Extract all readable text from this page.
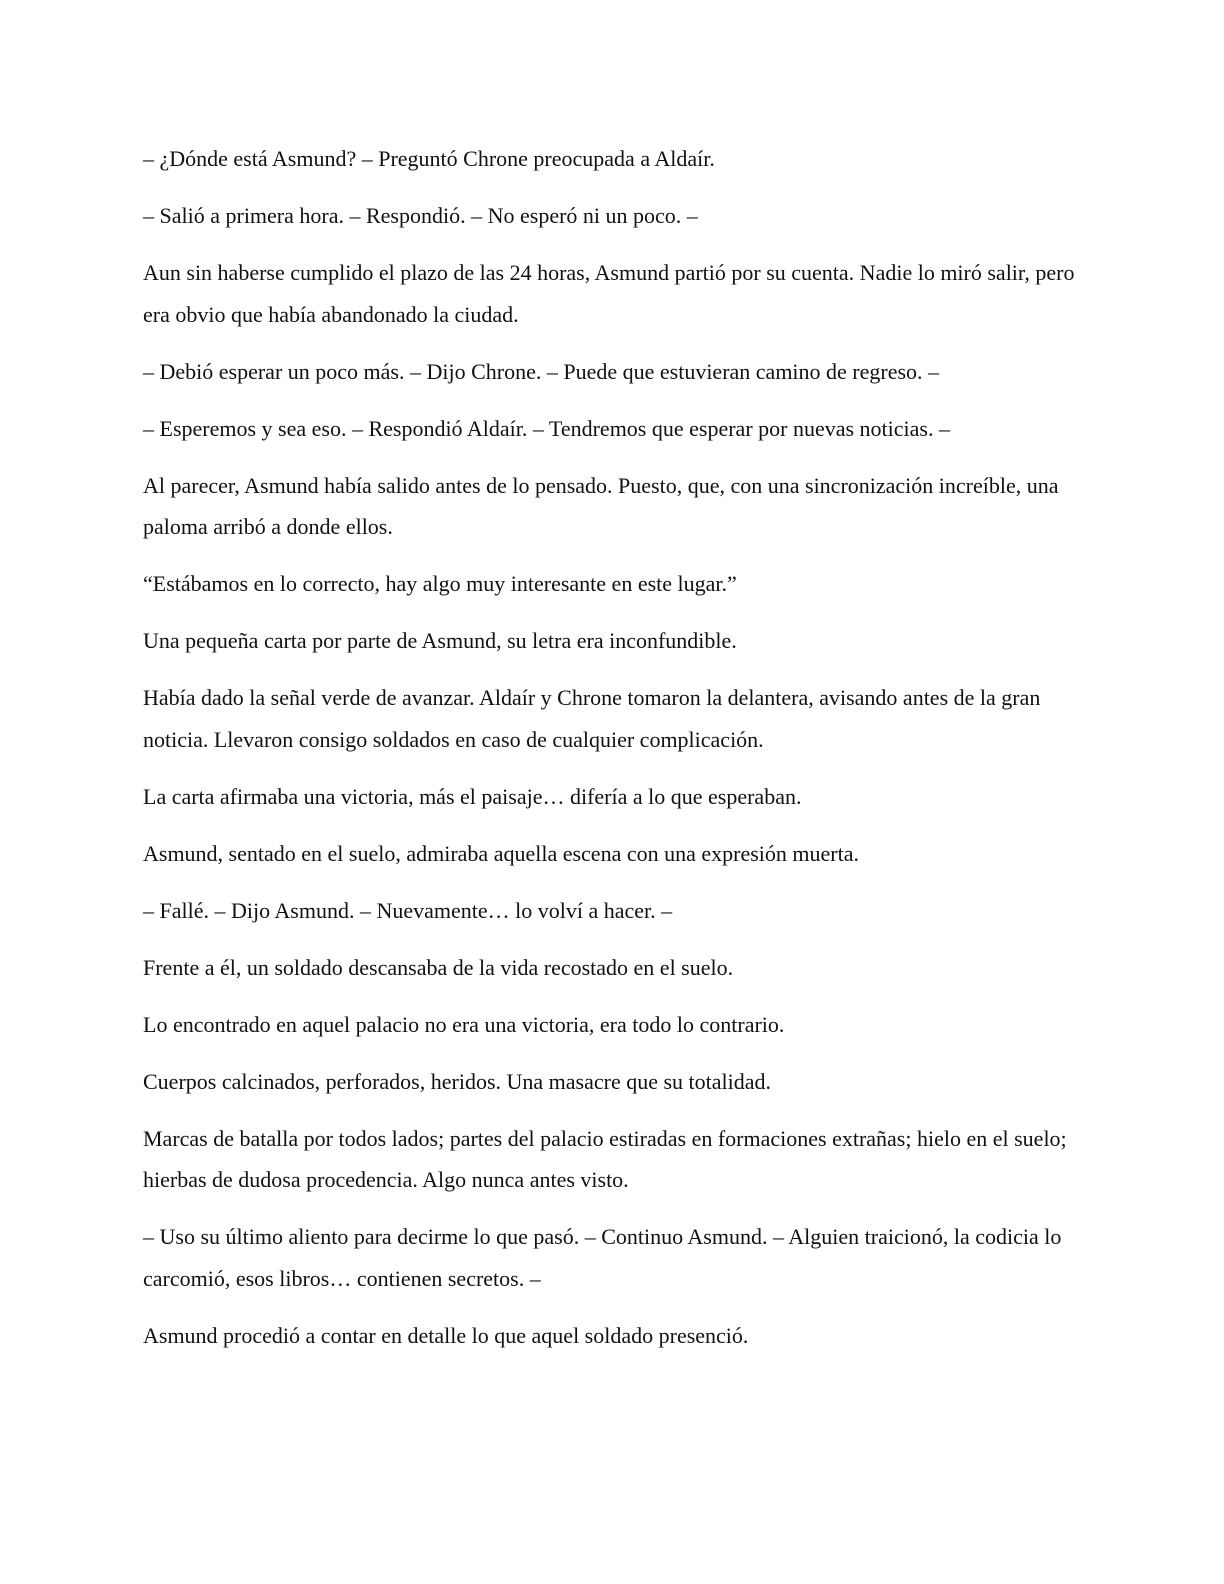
– ¿Dónde está Asmund? – Preguntó Chrone preocupada a Aldaír.

– Salió a primera hora. – Respondió. – No esperó ni un poco. –

Aun sin haberse cumplido el plazo de las 24 horas, Asmund partió por su cuenta. Nadie lo miró salir, pero era obvio que había abandonado la ciudad.

– Debió esperar un poco más. – Dijo Chrone. – Puede que estuvieran camino de regreso. –

– Esperemos y sea eso. – Respondió Aldaír. – Tendremos que esperar por nuevas noticias. –

Al parecer, Asmund había salido antes de lo pensado. Puesto, que, con una sincronización increíble, una paloma arribó a donde ellos.

“Estábamos en lo correcto, hay algo muy interesante en este lugar.”

Una pequeña carta por parte de Asmund, su letra era inconfundible.

Había dado la señal verde de avanzar. Aldaír y Chrone tomaron la delantera, avisando antes de la gran noticia. Llevaron consigo soldados en caso de cualquier complicación.

La carta afirmaba una victoria, más el paisaje… difería a lo que esperaban.

Asmund, sentado en el suelo, admiraba aquella escena con una expresión muerta.

– Fallé. – Dijo Asmund. – Nuevamente… lo volví a hacer. –

Frente a él, un soldado descansaba de la vida recostado en el suelo.

Lo encontrado en aquel palacio no era una victoria, era todo lo contrario.

Cuerpos calcinados, perforados, heridos. Una masacre que su totalidad.

Marcas de batalla por todos lados; partes del palacio estiradas en formaciones extrañas; hielo en el suelo; hierbas de dudosa procedencia. Algo nunca antes visto.

– Uso su último aliento para decirme lo que pasó. – Continuo Asmund. – Alguien traicionó, la codicia lo carcomió, esos libros… contienen secretos. –

Asmund procedió a contar en detalle lo que aquel soldado presenció.
